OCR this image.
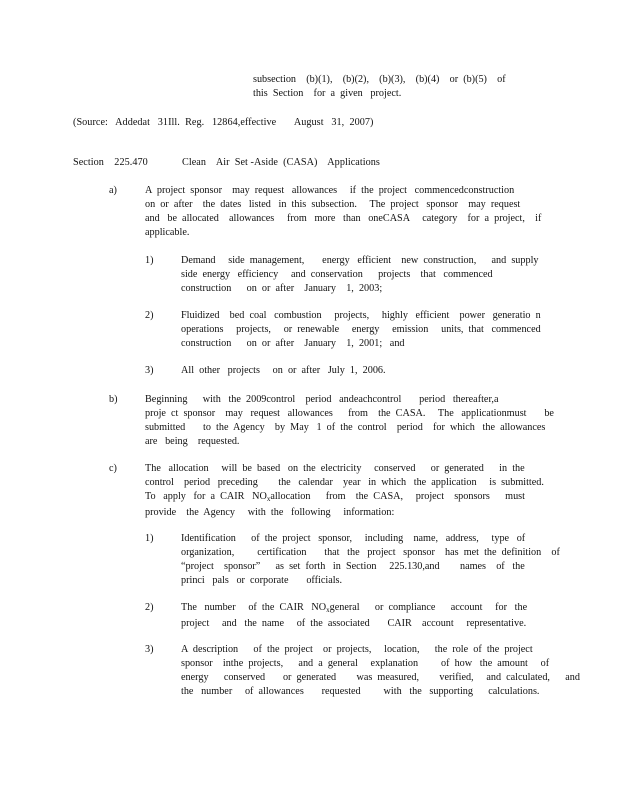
subsection    (b)(1),    (b)(2),    (b)(3),    (b)(4)    or  (b)(5)    of
this  Section    for  a  given   project.
(Source:   Addedat   31Ill.  Reg.   12864,effective       August   31,  2007)
Section    225.470	Clean    Air  Set -Aside  (CASA)    Applications
a)	A  project  sponsor    may  request   allowances     if  the  project   commencedconstruction
on  or  after    the  dates   listed   in  this  subsection.     The  project   sponsor    may  request
and   be  allocated    allowances     from   more   than   oneCASA     category    for  a  project,    if
applicable.
1)	Demand     side  management,       energy   efficient    new  construction,      and  supply
side  energy   efficiency     and  conservation      projects    that   commenced
construction      on  or  after    January    1,  2003;
2)	Fluidized    bed  coal   combustion     projects,     highly   efficient    power   generatio  n
operations     projects,     or  renewable     energy     emission     units,  that   commenced
construction      on  or  after    January    1,  2001;   and
3)	All  other   projects     on  or  after   July  1,  2006.
b)	Beginning      with   the  2009control    period   andeachcontrol       period   thereafter,a
proje  ct  sponsor    may   request   allowances      from    the  CASA.     The   applicationmust       be
submitted       to  the  Agency    by  May   1  of  the  control    period    for  which   the  allowances
are   being    requested.
c)	The   allocation     will  be  based   on  the  electricity     conserved      or  generated      in  the
control    period   preceding        the   calendar    year   in  which   the  application     is  submitted.
To   apply   for  a  CAIR   $NO_xallocation$      from    the  CASA,     project    sponsors      must
provide    the  Agency     with  the   following     information:
1)	Identification      of  the  project   sponsor,     including    name,   address,     type   of
organization,         certification       that   the   project   sponsor    has  met  the  definition    of
“project    sponsor”      as  set  forth   in  Section     225.130,and        names    of   the
princi   pals   or  corporate       officials.
2)	The   number     of  the  CAIR   $NO_xgeneral$      or  compliance      account     for   the
project     and   the  name     of  the  associated       CAIR    account     representative.
3)	A  description      of  the  project    or  projects,     location,      the  role  of  the  project
sponsor    inthe  projects,      and  a  general     explanation         of  how   the  amount     of
energy      conserved       or  generated        was  measured,        verified,     and  calculated,      and
the   number     of  allowances       requested         with   the   supporting      calculations.
